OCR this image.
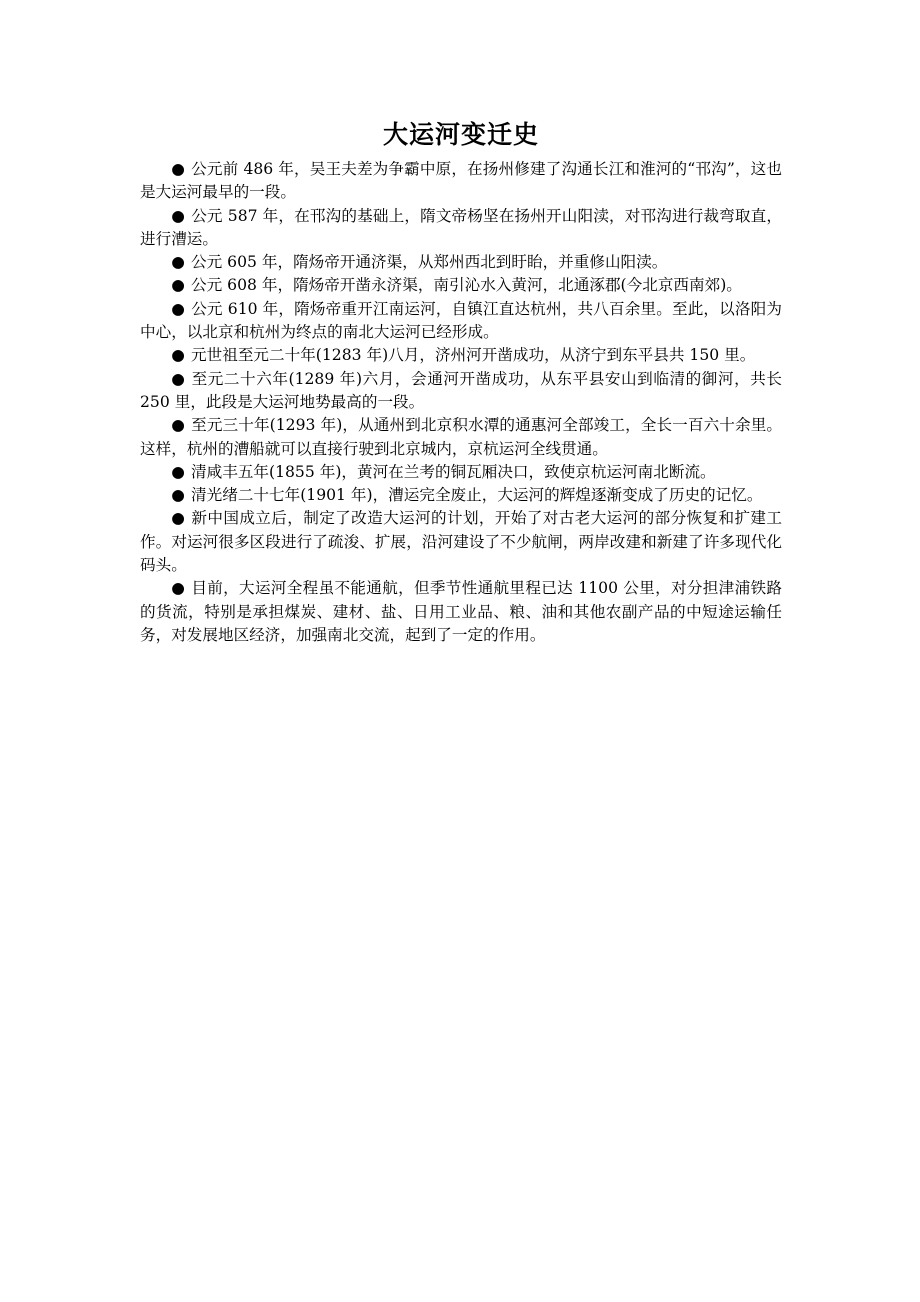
大运河变迁史
● 公元前 486 年，吴王夫差为争霸中原，在扬州修建了沟通长江和淮河的“邗沟”，这也是大运河最早的一段。
● 公元 587 年，在邗沟的基础上，隋文帝杨坚在扬州开山阳渎，对邗沟进行裁弯取直，进行漕运。
● 公元 605 年，隋炀帝开通济渠，从郑州西北到盱眙，并重修山阳渎。
● 公元 608 年，隋炀帝开凿永济渠，南引沁水入黄河，北通涿郡(今北京西南郊)。
● 公元 610 年，隋炀帝重开江南运河，自镇江直达杭州，共八百余里。至此，以洛阳为中心，以北京和杭州为终点的南北大运河已经形成。
● 元世祖至元二十年(1283 年)八月，济州河开凿成功，从济宁到东平县共 150 里。
● 至元二十六年(1289 年)六月，会通河开凿成功，从东平县安山到临清的御河，共长 250 里，此段是大运河地势最高的一段。
● 至元三十年(1293 年)，从通州到北京积水潭的通惠河全部竣工，全长一百六十余里。这样，杭州的漕船就可以直接行驶到北京城内，京杭运河全线贯通。
● 清咸丰五年(1855 年)，黄河在兰考的铜瓦厢决口，致使京杭运河南北断流。
● 清光绪二十七年(1901 年)，漕运完全废止，大运河的辉煌逐渐变成了历史的记忆。
● 新中国成立后，制定了改造大运河的计划，开始了对古老大运河的部分恢复和扩建工作。对运河很多区段进行了疏浚、扩展，沿河建设了不少航闸，两岸改建和新建了许多现代化码头。
● 目前，大运河全程虽不能通航，但季节性通航里程已达 1100 公里，对分担津浦铁路的货流，特别是承担煤炭、建材、盐、日用工业品、粮、油和其他农副产品的中短途运输任务，对发展地区经济，加强南北交流，起到了一定的作用。
